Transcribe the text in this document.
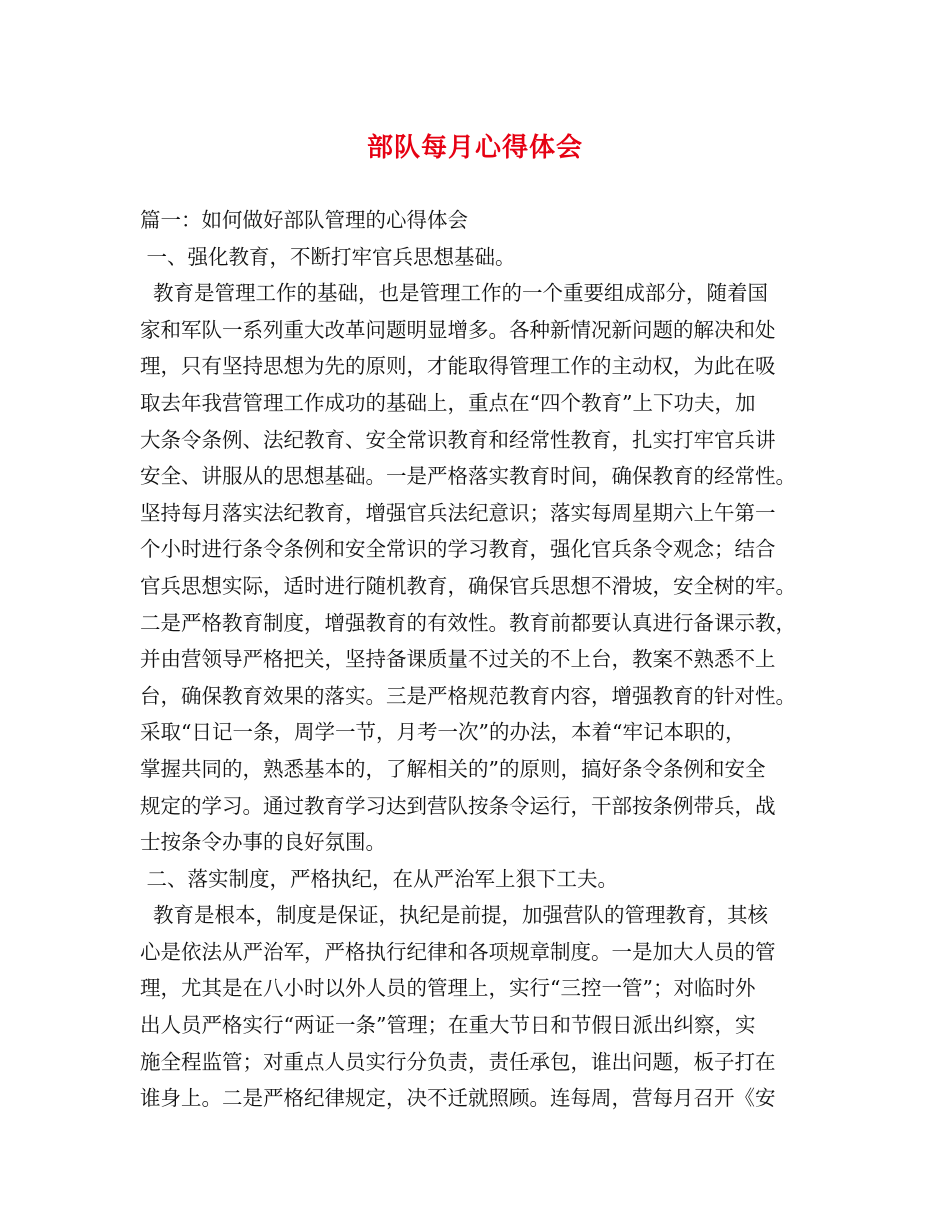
部队每月心得体会
篇一：如何做好部队管理的心得体会
一、强化教育，不断打牢官兵思想基础。
教育是管理工作的基础，也是管理工作的一个重要组成部分，随着国
家和军队一系列重大改革问题明显增多。各种新情况新问题的解决和处
理，只有坚持思想为先的原则，才能取得管理工作的主动权，为此在吸
取去年我营管理工作成功的基础上，重点在“四个教育”上下功夫，加
大条令条例、法纪教育、安全常识教育和经常性教育，扎实打牢官兵讲
安全、讲服从的思想基础。一是严格落实教育时间，确保教育的经常性。
坚持每月落实法纪教育，增强官兵法纪意识；落实每周星期六上午第一
个小时进行条令条例和安全常识的学习教育，强化官兵条令观念；结合
官兵思想实际，适时进行随机教育，确保官兵思想不滑坡，安全树的牢。
二是严格教育制度，增强教育的有效性。教育前都要认真进行备课示教，
并由营领导严格把关，坚持备课质量不过关的不上台，教案不熟悉不上
台，确保教育效果的落实。三是严格规范教育内容，增强教育的针对性。
采取“日记一条，周学一节，月考一次”的办法，本着“牢记本职的，
掌握共同的，熟悉基本的，了解相关的”的原则，搞好条令条例和安全
规定的学习。通过教育学习达到营队按条令运行，干部按条例带兵，战
士按条令办事的良好氛围。
二、落实制度，严格执纪，在从严治军上狠下工夫。
教育是根本，制度是保证，执纪是前提，加强营队的管理教育，其核
心是依法从严治军，严格执行纪律和各项规章制度。一是加大人员的管
理，尤其是在八小时以外人员的管理上，实行“三控一管”；对临时外
出人员严格实行“两证一条”管理；在重大节日和节假日派出纠察，实
施全程监管；对重点人员实行分负责，责任承包，谁出问题，板子打在
谁身上。二是严格纪律规定，决不迁就照顾。连每周，营每月召开《安
